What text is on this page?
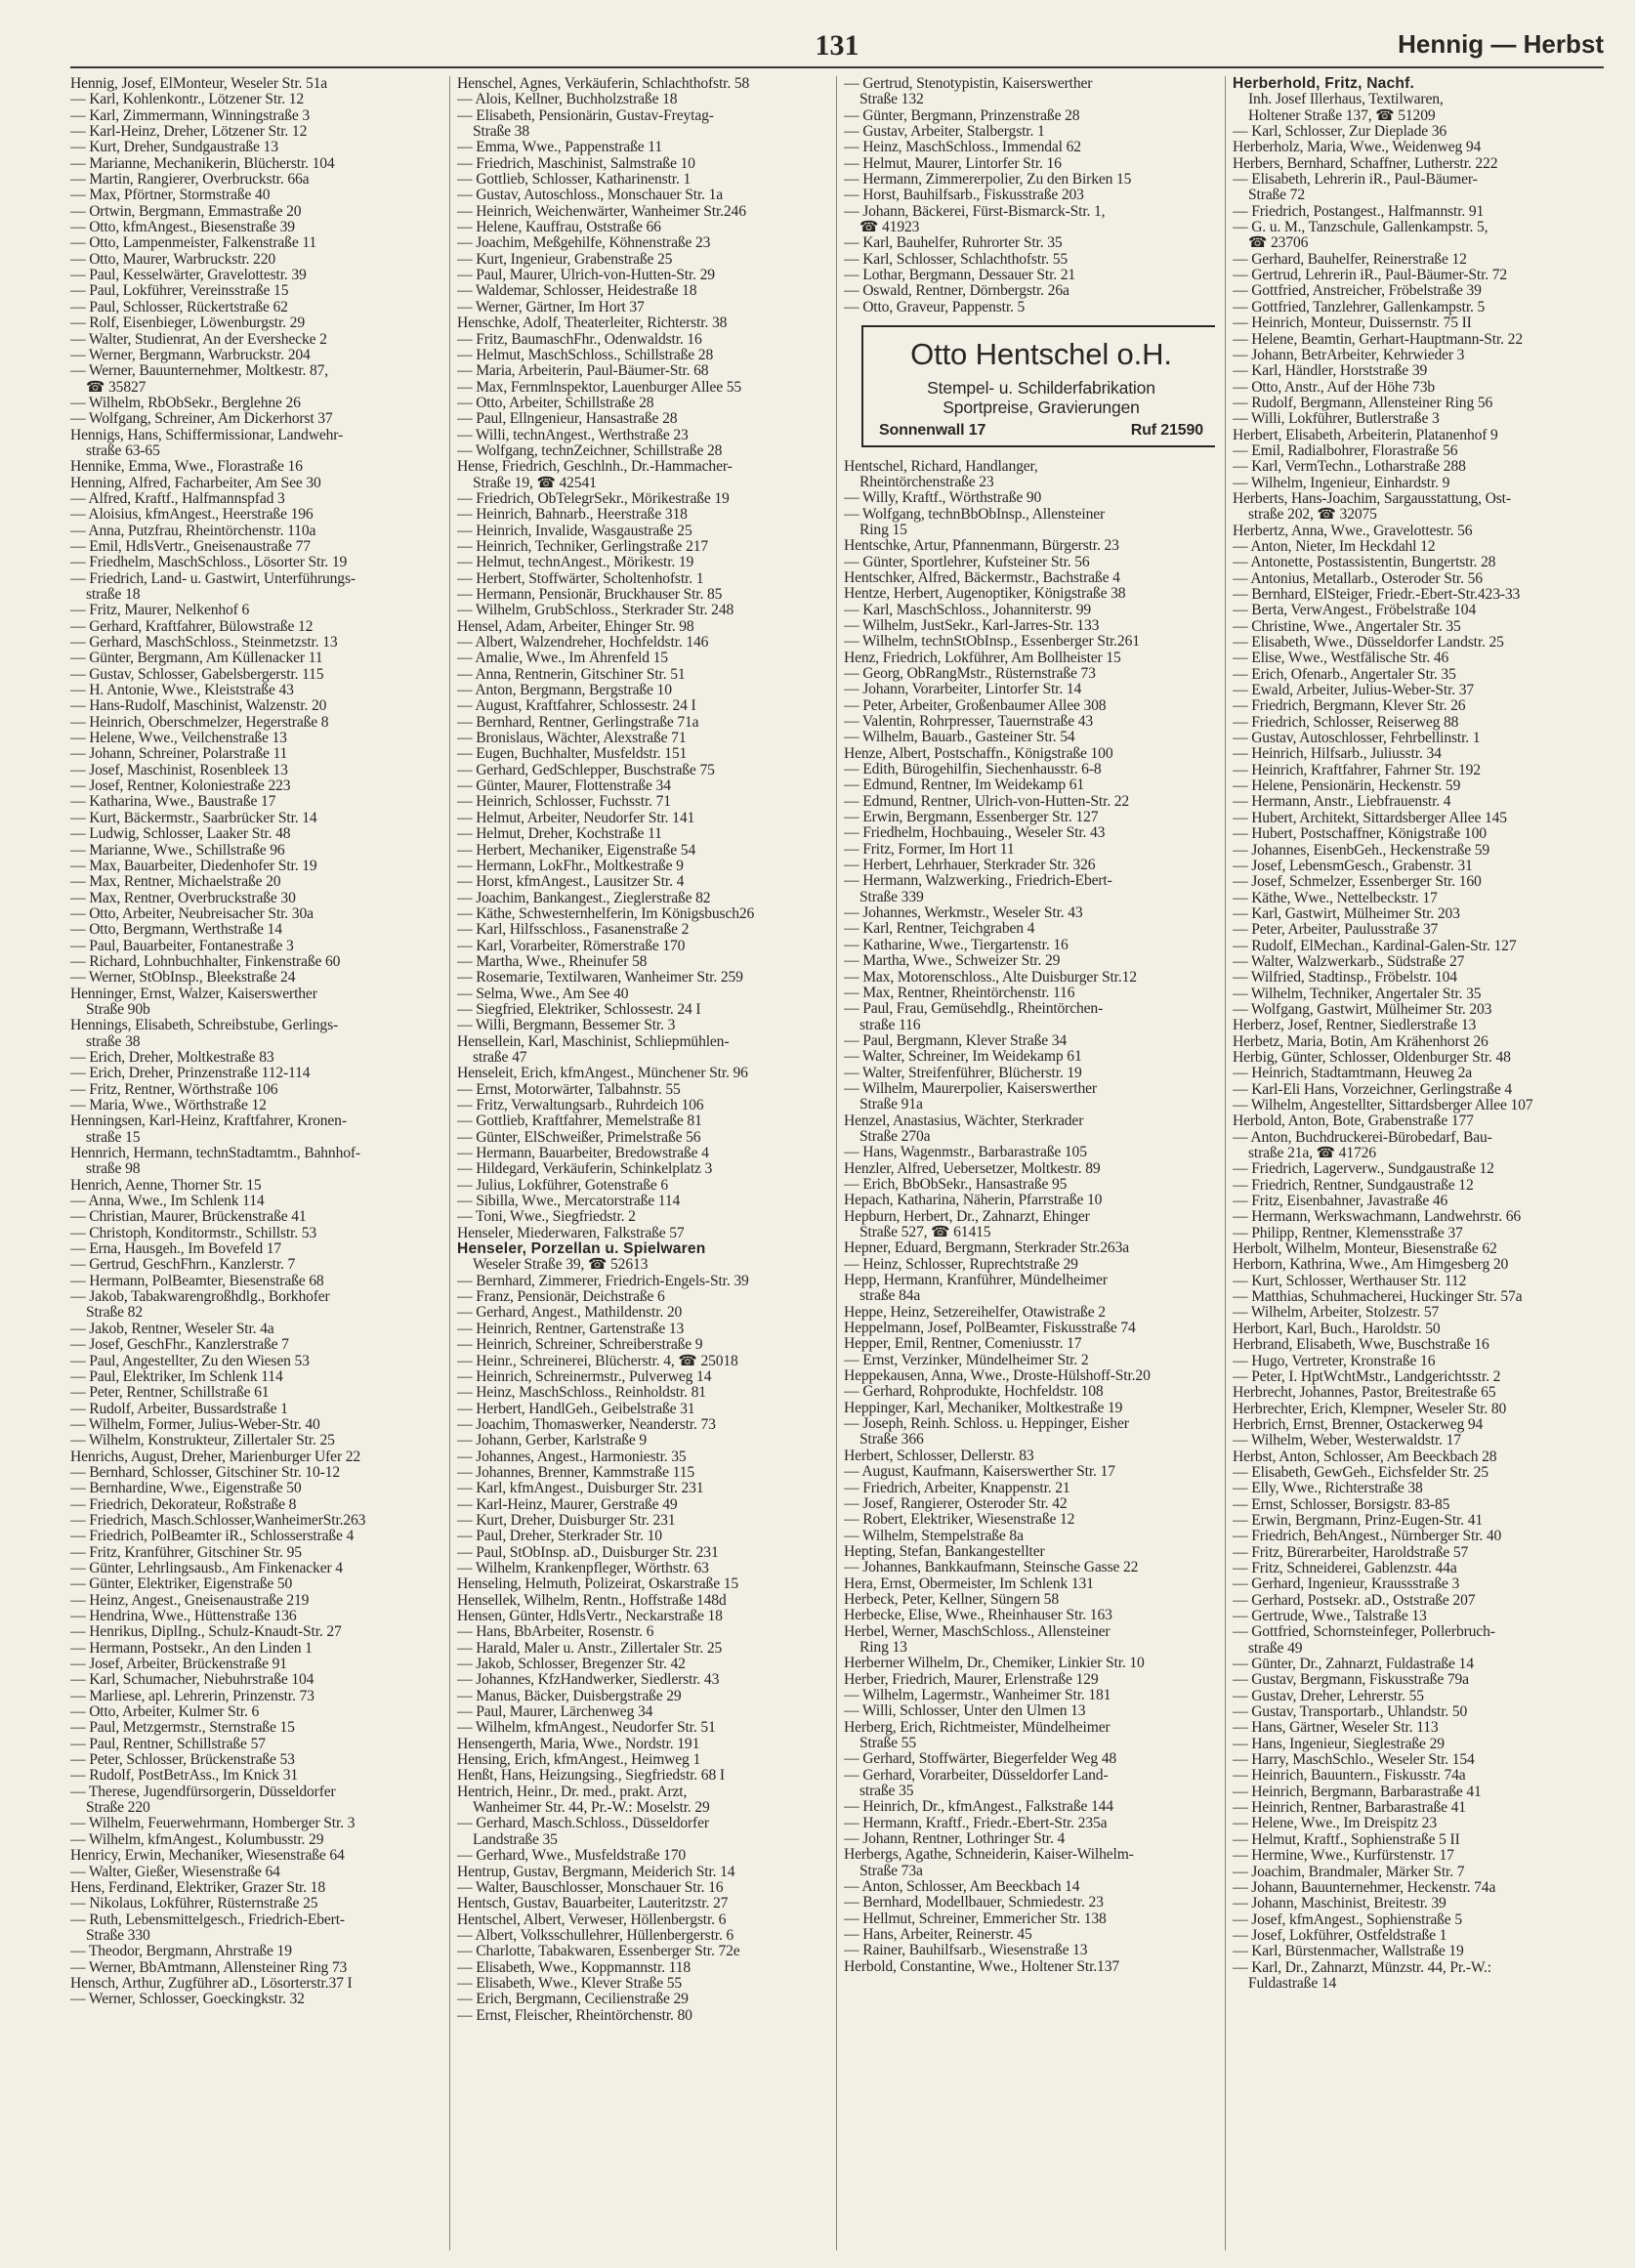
131	Hennig — Herbst
Hennig, Josef, ElMonteur, Weseler Str. 51a
— Karl, Kohlenkontr., Lötzener Str. 12
— Karl, Zimmermann, Winningstraße 3
— Karl-Heinz, Dreher, Lötzener Str. 12
— Kurt, Dreher, Sundgaustraße 13
— Marianne, Mechanikerin, Blücherstr. 104
— Martin, Rangierer, Overbruckstr. 66a
— Max, Pförtner, Stormstraße 40
— Ortwin, Bergmann, Emmastraße 20
— Otto, kfmAngest., Biesenstraße 39
— Otto, Lampenmeister, Falkenstraße 11
— Otto, Maurer, Warbruckstr. 220
— Paul, Kesselwärter, Gravelottestr. 39
— Paul, Lokführer, Vereinsstraße 15
— Paul, Schlosser, Rückertstraße 62
— Rolf, Eisenbieger, Löwenburgstr. 29
— Walter, Studienrat, An der Evershecke 2
— Werner, Bergmann, Warbruckstr. 204
— Werner, Bauunternehmer, Moltkestr. 87,
☎ 35827
— Wilhelm, RbObSekr., Berglehne 26
— Wolfgang, Schreiner, Am Dickerhorst 37
Hennigs, Hans, Schiffermissionar, Landwehr-
straße 63-65
Hennike, Emma, Wwe., Florastraße 16
Henning, Alfred, Facharbeiter, Am See 30
— Alfred, Kraftf., Halfmannspfad 3
— Aloisius, kfmAngest., Heerstraße 196
— Anna, Putzfrau, Rheintörchenstr. 110a
— Emil, HdlsVertr., Gneisenaustraße 77
— Friedhelm, MaschSchloss., Lösorter Str. 19
— Friedrich, Land- u. Gastwirt, Unterführungs-
straße 18
— Fritz, Maurer, Nelkenhof 6
— Gerhard, Kraftfahrer, Bülowstraße 12
— Gerhard, MaschSchloss., Steinmetzstr. 13
— Günter, Bergmann, Am Küllenacker 11
— Gustav, Schlosser, Gabelsbergerstr. 115
— H. Antonie, Wwe., Kleiststraße 43
— Hans-Rudolf, Maschinist, Walzenstr. 20
— Heinrich, Oberschmelzer, Hegerstraße 8
— Helene, Wwe., Veilchenstraße 13
— Johann, Schreiner, Polarstraße 11
— Josef, Maschinist, Rosenbleek 13
— Josef, Rentner, Koloniestraße 223
— Katharina, Wwe., Baustraße 17
— Kurt, Bäckermstr., Saarbrücker Str. 14
— Ludwig, Schlosser, Laaker Str. 48
— Marianne, Wwe., Schillstraße 96
— Max, Bauarbeiter, Diedenhofer Str. 19
— Max, Rentner, Michaelstraße 20
— Max, Rentner, Overbruckstraße 30
— Otto, Arbeiter, Neubreisacher Str. 30a
— Otto, Bergmann, Werthstraße 14
— Paul, Bauarbeiter, Fontanestraße 3
— Richard, Lohnbuchhalter, Finkenstraße 60
— Werner, StObInsp., Bleekstraße 24
Henninger, Ernst, Walzer, Kaiserswerther
Straße 90b
Hennings, Elisabeth, Schreibstube, Gerlings-
straße 38
— Erich, Dreher, Moltkestraße 83
— Erich, Dreher, Prinzenstraße 112-114
— Fritz, Rentner, Wörthstraße 106
— Maria, Wwe., Wörthstraße 12
Henningsen, Karl-Heinz, Kraftfahrer, Kronen-
straße 15
Hennrich, Hermann, technStadtamtm., Bahnhof-
straße 98
Henrich, Aenne, Thorner Str. 15
— Anna, Wwe., Im Schlenk 114
— Christian, Maurer, Brückenstraße 41
— Christoph, Konditormstr., Schillstr. 53
— Erna, Hausgeh., Im Bovefeld 17
— Gertrud, GeschFhrn., Kanzlerstr. 7
— Hermann, PolBeamter, Biesenstraße 68
— Jakob, Tabakwarengroßhdlg., Borkhofer
Straße 82
— Jakob, Rentner, Weseler Str. 4a
— Josef, GeschFhr., Kanzlerstraße 7
— Paul, Angestellter, Zu den Wiesen 53
— Paul, Elektriker, Im Schlenk 114
— Peter, Rentner, Schillstraße 61
— Rudolf, Arbeiter, Bussardstraße 1
— Wilhelm, Former, Julius-Weber-Str. 40
— Wilhelm, Konstrukteur, Zillertaler Str. 25
Henrichs, August, Dreher, Marienburger Ufer 22
— Bernhard, Schlosser, Gitschiner Str. 10-12
— Bernhardine, Wwe., Eigenstraße 50
— Friedrich, Dekorateur, Roßstraße 8
— Friedrich, Masch.Schlosser,WanheimerStr.263
— Friedrich, PolBeamter iR., Schlosserstraße 4
— Fritz, Kranführer, Gitschiner Str. 95
— Günter, Lehrlingsausb., Am Finkenacker 4
— Günter, Elektriker, Eigenstraße 50
— Heinz, Angest., Gneisenaustraße 219
— Hendrina, Wwe., Hüttenstraße 136
— Henrikus, DiplIng., Schulz-Knaudt-Str. 27
— Hermann, Postsekr., An den Linden 1
— Josef, Arbeiter, Brückenstraße 91
— Karl, Schumacher, Niebuhrstraße 104
— Marliese, apl. Lehrerin, Prinzenstr. 73
— Otto, Arbeiter, Kulmer Str. 6
— Paul, Metzgermstr., Sternstraße 15
— Paul, Rentner, Schillstraße 57
— Peter, Schlosser, Brückenstraße 53
— Rudolf, PostBetrAss., Im Knick 31
— Therese, Jugendfürsorgerin, Düsseldorfer
Straße 220
— Wilhelm, Feuerwehrmann, Homberger Str. 3
— Wilhelm, kfmAngest., Kolumbusstr. 29
Henricy, Erwin, Mechaniker, Wiesenstraße 64
— Walter, Gießer, Wiesenstraße 64
Hens, Ferdinand, Elektriker, Grazer Str. 18
— Nikolaus, Lokführer, Rüsternstraße 25
— Ruth, Lebensmittelgesch., Friedrich-Ebert-
Straße 330
— Theodor, Bergmann, Ahrstraße 19
— Werner, BbAmtmann, Allensteiner Ring 73
Hensch, Arthur, Zugführer aD., Lösorterstr.37 I
— Werner, Schlosser, Goeckingkstr. 32
Henschel, Agnes, Verkäuferin, Schlachthofstr. 58
— Alois, Kellner, Buchholzstraße 18
— Elisabeth, Pensionärin, Gustav-Freytag-
Straße 38
— Emma, Wwe., Pappenstraße 11
— Friedrich, Maschinist, Salmstraße 10
— Gottlieb, Schlosser, Katharinenstr. 1
— Gustav, Autoschloss., Monschauer Str. 1a
— Heinrich, Weichenwärter, Wanheimer Str.246
— Helene, Kauffrau, Oststraße 66
— Joachim, Meßgehilfe, Köhnenstraße 23
— Kurt, Ingenieur, Grabenstraße 25
— Paul, Maurer, Ulrich-von-Hutten-Str. 29
— Waldemar, Schlosser, Heidestraße 18
— Werner, Gärtner, Im Hort 37
Henschke, Adolf, Theaterleiter, Richterstr. 38
— Fritz, BaumaschFhr., Odenwaldstr. 16
— Helmut, MaschSchloss., Schillstraße 28
— Maria, Arbeiterin, Paul-Bäumer-Str. 68
— Max, Fernmlnspektor, Lauenburger Allee 55
— Otto, Arbeiter, Schillstraße 28
— Paul, Ellngenieur, Hansastraße 28
— Willi, technAngest., Werthstraße 23
— Wolfgang, technZeichner, Schillstraße 28
Hense, Friedrich, Geschlnh., Dr.-Hammacher-
Straße 19, ☎ 42541
— Friedrich, ObTelegrSekr., Mörikestraße 19
— Heinrich, Bahnarb., Heerstraße 318
— Heinrich, Invalide, Wasgaustraße 25
— Heinrich, Techniker, Gerlingstraße 217
— Helmut, technAngest., Mörikestr. 19
— Herbert, Stoffwärter, Scholtenhofstr. 1
— Hermann, Pensionär, Bruckhauser Str. 85
— Wilhelm, GrubSchloss., Sterkrader Str. 248
Hensel, Adam, Arbeiter, Ehinger Str. 98
— Albert, Walzendreher, Hochfeldstr. 146
— Amalie, Wwe., Im Ährenfeld 15
— Anna, Rentnerin, Gitschiner Str. 51
— Anton, Bergmann, Bergstraße 10
— August, Kraftfahrer, Schlossestr. 24 I
— Bernhard, Rentner, Gerlingstraße 71a
— Bronislaus, Wächter, Alexstraße 71
— Eugen, Buchhalter, Musfeldstr. 151
— Gerhard, GedSchlepper, Buschstraße 75
— Günter, Maurer, Flottenstraße 34
— Heinrich, Schlosser, Fuchsstr. 71
— Helmut, Arbeiter, Neudorfer Str. 141
— Helmut, Dreher, Kochstraße 11
— Herbert, Mechaniker, Eigenstraße 54
— Hermann, LokFhr., Moltkestraße 9
— Horst, kfmAngest., Lausitzer Str. 4
— Joachim, Bankangest., Zieglerstraße 82
— Käthe, Schwesternhelferin, Im Königsbusch26
— Karl, Hilfsschloss., Fasanenstraße 2
— Karl, Vorarbeiter, Römerstraße 170
— Martha, Wwe., Rheinufer 58
— Rosemarie, Textilwaren, Wanheimer Str. 259
— Selma, Wwe., Am See 40
— Siegfried, Elektriker, Schlossestr. 24 I
— Willi, Bergmann, Bessemer Str. 3
Hensellein, Karl, Maschinist, Schliepmühlen-
straße 47
Henseleit, Erich, kfmAngest., Münchener Str. 96
— Ernst, Motorwärter, Talbahnstr. 55
— Fritz, Verwaltungsarb., Ruhrdeich 106
— Gottlieb, Kraftfahrer, Memelstraße 81
— Günter, ElSchweißer, Primelstraße 56
— Hermann, Bauarbeiter, Bredowstraße 4
— Hildegard, Verkäuferin, Schinkelplatz 3
— Julius, Lokführer, Gotenstraße 6
— Sibilla, Wwe., Mercatorstraße 114
— Toni, Wwe., Siegfriedstr. 2
Henseler, Miederwaren, Falkstraße 57
Henseler, Porzellan u. Spielwaren
Weseler Straße 39, ☎ 52613
— Bernhard, Zimmerer, Friedrich-Engels-Str. 39
— Franz, Pensionär, Deichstraße 6
— Gerhard, Angest., Mathildenstr. 20
— Heinrich, Rentner, Gartenstraße 13
— Heinrich, Schreiner, Schreiberstraße 9
— Heinr., Schreinerei, Blücherstr. 4, ☎ 25018
— Heinrich, Schreinermstr., Pulverweg 14
— Heinz, MaschSchloss., Reinholdstr. 81
— Herbert, HandlGeh., Geibelstraße 31
— Joachim, Thomaswerker, Neanderstr. 73
— Johann, Gerber, Karlstraße 9
— Johannes, Angest., Harmoniestr. 35
— Johannes, Brenner, Kammstraße 115
— Karl, kfmAngest., Duisburger Str. 231
— Karl-Heinz, Maurer, Gerstraße 49
— Kurt, Dreher, Duisburger Str. 231
— Paul, Dreher, Sterkrader Str. 10
— Paul, StObInsp. aD., Duisburger Str. 231
— Wilhelm, Krankenpfleger, Wörthstr. 63
Henseling, Helmuth, Polizeirat, Oskarstraße 15
Hensellek, Wilhelm, Rentn., Hoffstraße 148d
Hensen, Günter, HdlsVertr., Neckarstraße 18
— Hans, BbArbeiter, Rosenstr. 6
— Harald, Maler u. Anstr., Zillertaler Str. 25
— Jakob, Schlosser, Bregenzer Str. 42
— Johannes, KfzHandwerker, Siedlerstr. 43
— Manus, Bäcker, Duisbergstraße 29
— Paul, Maurer, Lärchenweg 34
— Wilhelm, kfmAngest., Neudorfer Str. 51
Hensengerth, Maria, Wwe., Nordstr. 191
Hensing, Erich, kfmAngest., Heimweg 1
Henßt, Hans, Heizungsing., Siegfriedstr. 68 I
Hentrich, Heinr., Dr. med., prakt. Arzt,
Wanheimer Str. 44, Pr.-W.: Moselstr. 29
— Gerhard, Masch.Schloss., Düsseldorfer
Landstraße 35
— Gerhard, Wwe., Musfeldstraße 170
Hentrup, Gustav, Bergmann, Meiderich Str. 14
— Walter, Bauschlosser, Monschauer Str. 16
Hentsch, Gustav, Bauarbeiter, Lauteritzstr. 27
Hentschel, Albert, Verweser, Höllenbergstr. 6
— Albert, Volksschullehrer, Hüllenbergerstr. 6
— Charlotte, Tabakwaren, Essenberger Str. 72e
— Elisabeth, Wwe., Koppmannstr. 118
— Elisabeth, Wwe., Klever Straße 55
— Erich, Bergmann, Cecilienstraße 29
— Ernst, Fleischer, Rheintörchenstr. 80
— Gertrud, Stenotypistin, Kaiserswerther
Straße 132
— Günter, Bergmann, Prinzenstraße 28
— Gustav, Arbeiter, Stalbergstr. 1
— Heinz, MaschSchloss., Immendal 62
— Helmut, Maurer, Lintorfer Str. 16
— Hermann, Zimmererpolier, Zu den Birken 15
— Horst, Bauhilfsarb., Fiskusstraße 203
— Johann, Bäckerei, Fürst-Bismarck-Str. 1,
☎ 41923
— Karl, Bauhelfer, Ruhrorter Str. 35
— Karl, Schlosser, Schlachthofstr. 55
— Lothar, Bergmann, Dessauer Str. 21
— Oswald, Rentner, Dörnbergstr. 26a
— Otto, Graveur, Pappenstr. 5
Otto Hentschel o.H.
Stempel- u. Schilderfabrikation
Sportpreise, Gravierungen
Sonnenwall 17	Ruf 21590
Hentschel, Richard, Handlanger,
Rheintörchenstraße 23
— Willy, Kraftf., Wörthstraße 90
— Wolfgang, technBbObInsp., Allensteiner
Ring 15
Hentschke, Artur, Pfannenmann, Bürgerstr. 23
— Günter, Sportlehrer, Kufsteiner Str. 56
Hentschker, Alfred, Bäckermstr., Bachstraße 4
Hentze, Herbert, Augenoptiker, Königstraße 38
— Karl, MaschSchloss., Johanniterstr. 99
— Wilhelm, JustSekr., Karl-Jarres-Str. 133
— Wilhelm, technStObInsp., Essenberger Str.261
Henz, Friedrich, Lokführer, Am Bollheister 15
— Georg, ObRangMstr., Rüsternstraße 73
— Johann, Vorarbeiter, Lintorfer Str. 14
— Peter, Arbeiter, Großenbaumer Allee 308
— Valentin, Rohrpresser, Tauernstraße 43
— Wilhelm, Bauarb., Gasteiner Str. 54
Henze, Albert, Postschaffn., Königstraße 100
— Edith, Bürogehilfin, Siechenhausstr. 6-8
— Edmund, Rentner, Im Weidekamp 61
— Edmund, Rentner, Ulrich-von-Hutten-Str. 22
— Erwin, Bergmann, Essenberger Str. 127
— Friedhelm, Hochbauing., Weseler Str. 43
— Fritz, Former, Im Hort 11
— Herbert, Lehrhauer, Sterkrader Str. 326
— Hermann, Walzwerking., Friedrich-Ebert-
Straße 339
— Johannes, Werkmstr., Weseler Str. 43
— Karl, Rentner, Teichgraben 4
— Katharine, Wwe., Tiergartenstr. 16
— Martha, Wwe., Schweizer Str. 29
— Max, Motorenschloss., Alte Duisburger Str.12
— Max, Rentner, Rheintörchenstr. 116
— Paul, Frau, Gemüsehdlg., Rheintörchen-
straße 116
— Paul, Bergmann, Klever Straße 34
— Walter, Schreiner, Im Weidekamp 61
— Walter, Streifenführer, Blücherstr. 19
— Wilhelm, Maurerpolier, Kaiserswerther
Straße 91a
Henzel, Anastasius, Wächter, Sterkrader
Straße 270a
— Hans, Wagenmstr., Barbarastraße 105
Henzler, Alfred, Uebersetzer, Moltkestr. 89
— Erich, BbObSekr., Hansastraße 95
Hepach, Katharina, Näherin, Pfarrstraße 10
Hepburn, Herbert, Dr., Zahnarzt, Ehinger
Straße 527, ☎ 61415
Hepner, Eduard, Bergmann, Sterkrader Str.263a
— Heinz, Schlosser, Ruprechtstraße 29
Hepp, Hermann, Kranführer, Mündelheimer
straße 84a
Heppe, Heinz, Setzereihelfer, Otawistraße 2
Heppelmann, Josef, PolBeamter, Fiskusstraße 74
Hepper, Emil, Rentner, Comeniusstr. 17
— Ernst, Verzinker, Mündelheimer Str. 2
Heppekausen, Anna, Wwe., Droste-Hülshoff-Str.20
— Gerhard, Rohprodukte, Hochfeldstr. 108
Heppinger, Karl, Mechaniker, Moltkestraße 19
— Joseph, Reinh. Schloss. u. Heppinger, Eisher
Straße 366
Herbert, Schlosser, Dellerstr. 83
— August, Kaufmann, Kaiserswerther Str. 17
— Friedrich, Arbeiter, Knappenstr. 21
— Josef, Rangierer, Osteroder Str. 42
— Robert, Elektriker, Wiesenstraße 12
— Wilhelm, Stempelstraße 8a
Hepting, Stefan, Bankangestellter
— Johannes, Bankkaufmann, Steinsche Gasse 22
Hera, Ernst, Obermeister, Im Schlenk 131
Herbeck, Peter, Kellner, Süngern 58
Herbecke, Elise, Wwe., Rheinhauser Str. 163
Herbel, Werner, MaschSchloss., Allensteiner
Ring 13
Herberner Wilhelm, Dr., Chemiker, Linkier Str. 10
Herber, Friedrich, Maurer, Erlenstraße 129
— Wilhelm, Lagermstr., Wanheimer Str. 181
— Willi, Schlosser, Unter den Ulmen 13
Herberg, Erich, Richtmeister, Mündelheimer
Straße 55
— Gerhard, Stoffwärter, Biegerfelder Weg 48
— Gerhard, Vorarbeiter, Düsseldorfer Land-
straße 35
— Heinrich, Dr., kfmAngest., Falkstraße 144
— Hermann, Kraftf., Friedr.-Ebert-Str. 235a
— Johann, Rentner, Lothringer Str. 4
Herbergs, Agathe, Schneiderin, Kaiser-Wilhelm-
Straße 73a
— Anton, Schlosser, Am Beeckbach 14
— Bernhard, Modellbauer, Schmiedestr. 23
— Hellmut, Schreiner, Emmericher Str. 138
— Hans, Arbeiter, Reinerstr. 45
— Rainer, Bauhilfsarb., Wiesenstraße 13
Herbold, Constantine, Wwe., Holtener Str.137
Herberhold, Fritz, Nachf.
Inh. Josef Illerhaus, Textilwaren,
Holtener Straße 137, ☎ 51209
— Karl, Schlosser, Zur Dieplade 36
Herberholz, Maria, Wwe., Weidenweg 94
Herbers, Bernhard, Schaffner, Lutherstr. 222
— Elisabeth, Lehrerin iR., Paul-Bäumer-
Straße 72
— Friedrich, Postangest., Halfmannstr. 91
— G. u. M., Tanzschule, Gallenkampstr. 5,
☎ 23706
— Gerhard, Bauhelfer, Reinerstraße 12
— Gertrud, Lehrerin iR., Paul-Bäumer-Str. 72
— Gottfried, Anstreicher, Fröbelstraße 39
— Gottfried, Tanzlehrer, Gallenkampstr. 5
— Heinrich, Monteur, Duissernstr. 75 II
— Helene, Beamtin, Gerhart-Hauptmann-Str. 22
— Johann, BetrArbeiter, Kehrwieder 3
— Karl, Händler, Horststraße 39
— Otto, Anstr., Auf der Höhe 73b
— Rudolf, Bergmann, Allensteiner Ring 56
— Willi, Lokführer, Butlerstraße 3
Herbert, Elisabeth, Arbeiterin, Platanenhof 9
— Emil, Radialbohrer, Florastraße 56
— Karl, VermTechn., Lotharstraße 288
— Wilhelm, Ingenieur, Einhardstr. 9
Herberts, Hans-Joachim, Sargausstattung, Ost-
straße 202, ☎ 32075
Herbertz, Anna, Wwe., Gravelottestr. 56
— Anton, Nieter, Im Heckdahl 12
— Antonette, Postassistentin, Bungertstr. 28
— Antonius, Metallarb., Osteroder Str. 56
— Bernhard, ElSteiger, Friedr.-Ebert-Str.423-33
— Berta, VerwAngest., Fröbelstraße 104
— Christine, Wwe., Angertaler Str. 35
— Elisabeth, Wwe., Düsseldorfer Landstr. 25
— Elise, Wwe., Westfälische Str. 46
— Erich, Ofenarb., Angertaler Str. 35
— Ewald, Arbeiter, Julius-Weber-Str. 37
— Friedrich, Bergmann, Klever Str. 26
— Friedrich, Schlosser, Reiserweg 88
— Gustav, Autoschlosser, Fehrbellinstr. 1
— Heinrich, Hilfsarb., Juliusstr. 34
— Heinrich, Kraftfahrer, Fahrner Str. 192
— Helene, Pensionärin, Heckenstr. 59
— Hermann, Anstr., Liebfrauenstr. 4
— Hubert, Architekt, Sittardsberger Allee 145
— Hubert, Postschaffner, Königstraße 100
— Johannes, EisenbGeh., Heckenstraße 59
— Josef, LebensmGesch., Grabenstr. 31
— Josef, Schmelzer, Essenberger Str. 160
— Käthe, Wwe., Nettelbeckstr. 17
— Karl, Gastwirt, Mülheimer Str. 203
— Peter, Arbeiter, Paulusstraße 37
— Rudolf, ElMechan., Kardinal-Galen-Str. 127
— Walter, Walzwerkarb., Südstraße 27
— Wilfried, Stadtinsp., Fröbelstr. 104
— Wilhelm, Techniker, Angertaler Str. 35
— Wolfgang, Gastwirt, Mülheimer Str. 203
Herberz, Josef, Rentner, Siedlerstraße 13
Herbetz, Maria, Botin, Am Krähenhorst 26
Herbig, Günter, Schlosser, Oldenburger Str. 48
— Heinrich, Stadtamtmann, Heuweg 2a
— Karl-Eli Hans, Vorzeichner, Gerlingstraße 4
— Wilhelm, Angestellter, Sittardsberger Allee 107
Herbold, Anton, Bote, Grabenstraße 177
— Anton, Buchdruckerei-Bürobedarf, Bau-
straße 21a, ☎ 41726
— Friedrich, Lagerverw., Sundgaustraße 12
— Friedrich, Rentner, Sundgaustraße 12
— Fritz, Eisenbahner, Javastraße 46
— Hermann, Werkswachmann, Landwehrstr. 66
— Philipp, Rentner, Klemensstraße 37
Herbolt, Wilhelm, Monteur, Biesenstraße 62
Herborn, Kathrina, Wwe., Am Himgesberg 20
— Kurt, Schlosser, Werthauser Str. 112
— Matthias, Schuhmacherei, Huckinger Str. 57a
— Wilhelm, Arbeiter, Stolzestr. 57
Herbort, Karl, Buch., Haroldstr. 50
Herbrand, Elisabeth, Wwe, Buschstraße 16
— Hugo, Vertreter, Kronstraße 16
— Peter, I. HptWchtMstr., Landgerichtsstr. 2
Herbrecht, Johannes, Pastor, Breitestraße 65
Herbrechter, Erich, Klempner, Weseler Str. 80
Herbrich, Ernst, Brenner, Ostackerweg 94
— Wilhelm, Weber, Westerwaldstr. 17
Herbst, Anton, Schlosser, Am Beeckbach 28
— Elisabeth, GewGeh., Eichsfelder Str. 25
— Elly, Wwe., Richterstraße 38
— Ernst, Schlosser, Borsigstr. 83-85
— Erwin, Bergmann, Prinz-Eugen-Str. 41
— Friedrich, BehAngest., Nürnberger Str. 40
— Fritz, Bürerarbeiter, Haroldstraße 57
— Fritz, Schneiderei, Gablenzstr. 44a
— Gerhard, Ingenieur, Kraussstraße 3
— Gerhard, Postsekr. aD., Oststraße 207
— Gertrude, Wwe., Talstraße 13
— Gottfried, Schornsteinfeger, Pollerbruch-
straße 49
— Günter, Dr., Zahnarzt, Fuldastraße 14
— Gustav, Bergmann, Fiskusstraße 79a
— Gustav, Dreher, Lehrerstr. 55
— Gustav, Transportarb., Uhlandstr. 50
— Hans, Gärtner, Weseler Str. 113
— Hans, Ingenieur, Sieglestraße 29
— Harry, MaschSchlo., Weseler Str. 154
— Heinrich, Bauuntern., Fiskusstr. 74a
— Heinrich, Bergmann, Barbarastraße 41
— Heinrich, Rentner, Barbarastraße 41
— Helene, Wwe., Im Dreispitz 23
— Helmut, Kraftf., Sophienstraße 5 II
— Hermine, Wwe., Kurfürstenstr. 17
— Joachim, Brandmaler, Märker Str. 7
— Johann, Bauunternehmer, Heckenstr. 74a
— Johann, Maschinist, Breitestr. 39
— Josef, kfmAngest., Sophienstraße 5
— Josef, Lokführer, Ostfeldstraße 1
— Karl, Bürstenmacher, Wallstraße 19
— Karl, Dr., Zahnarzt, Münzstr. 44, Pr.-W.:
Fuldastraße 14
